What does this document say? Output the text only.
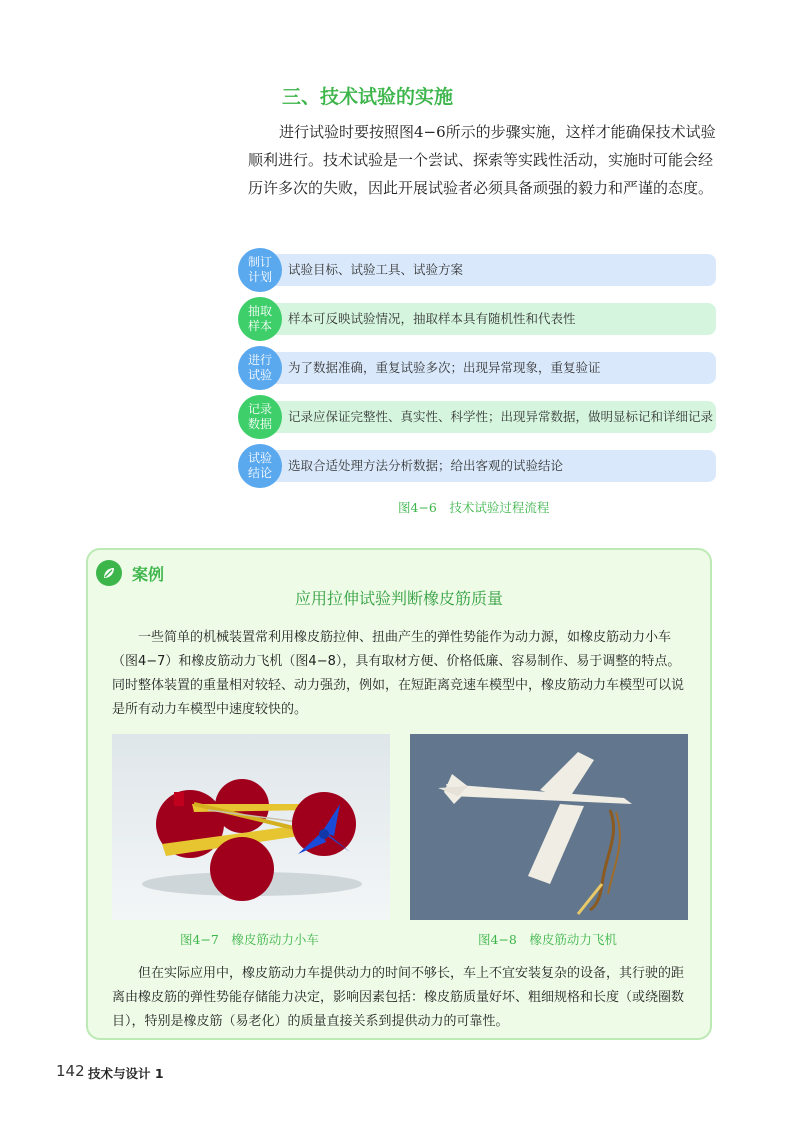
三、技术试验的实施

进行试验时要按照图4−6所示的步骤实施，这样才能确保技术试验顺利进行。技术试验是一个尝试、探索等实践性活动，实施时可能会经历许多次的失败，因此开展试验者必须具备顽强的毅力和严谨的态度。

制订计划	试验目标、试验工具、试验方案
抽取样本	样本可反映试验情况，抽取样本具有随机性和代表性
进行试验	为了数据准确，重复试验多次；出现异常现象，重复验证
记录数据	记录应保证完整性、真实性、科学性；出现异常数据，做明显标记和详细记录
试验结论	选取合适处理方法分析数据；给出客观的试验结论
图4−6　技术试验过程流程
案例
应用拉伸试验判断橡皮筋质量

一些简单的机械装置常利用橡皮筋拉伸、扭曲产生的弹性势能作为动力源，如橡皮筋动力小车（图4−7）和橡皮筋动力飞机（图4−8），具有取材方便、价格低廉、容易制作、易于调整的特点。同时整体装置的重量相对较轻、动力强劲，例如，在短距离竞速车模型中，橡皮筋动力车模型可以说是所有动力车模型中速度较快的。

图4−7　橡皮筋动力小车	图4−8　橡皮筋动力飞机

但在实际应用中，橡皮筋动力车提供动力的时间不够长，车上不宜安装复杂的设备，其行驶的距离由橡皮筋的弹性势能存储能力决定，影响因素包括：橡皮筋质量好坏、粗细规格和长度（或绕圈数目），特别是橡皮筋（易老化）的质量直接关系到提供动力的可靠性。

142 技术与设计 1
